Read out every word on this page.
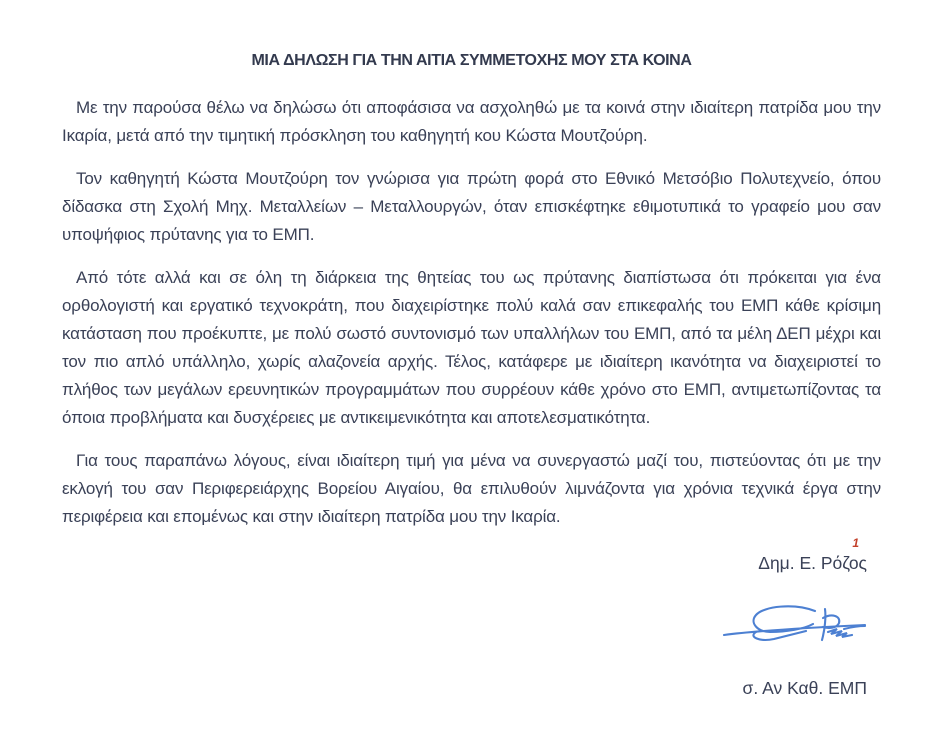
ΜΙΑ ΔΗΛΩΣΗ ΓΙΑ ΤΗΝ ΑΙΤΙΑ ΣΥΜΜΕΤΟΧΗΣ ΜΟΥ ΣΤΑ ΚΟΙΝΑ

Με την παρούσα θέλω να δηλώσω ότι αποφάσισα να ασχοληθώ με τα κοινά στην ιδιαίτερη πατρίδα μου την Ικαρία, μετά από την τιμητική πρόσκληση του καθηγητή κου Κώστα Μουτζούρη.

Τον καθηγητή Κώστα Μουτζούρη τον γνώρισα για πρώτη φορά στο Εθνικό Μετσόβιο Πολυτεχνείο, όπου δίδασκα στη Σχολή Μηχ. Μεταλλείων – Μεταλλουργών, όταν επισκέφτηκε εθιμοτυπικά το γραφείο μου σαν υποψήφιος πρύτανης για το ΕΜΠ.

Από τότε αλλά και σε όλη τη διάρκεια της θητείας του ως πρύτανης διαπίστωσα ότι πρόκειται για ένα ορθολογιστή και εργατικό τεχνοκράτη, που διαχειρίστηκε πολύ καλά σαν επικεφαλής του ΕΜΠ κάθε κρίσιμη κατάσταση που προέκυπτε, με πολύ σωστό συντονισμό των υπαλλήλων του ΕΜΠ, από τα μέλη ΔΕΠ μέχρι και τον πιο απλό υπάλληλο, χωρίς αλαζονεία αρχής. Τέλος, κατάφερε με ιδιαίτερη ικανότητα να διαχειριστεί το πλήθος των μεγάλων ερευνητικών προγραμμάτων που συρρέουν κάθε χρόνο στο ΕΜΠ, αντιμετωπίζοντας τα όποια προβλήματα και δυσχέρειες με αντικειμενικότητα και αποτελεσματικότητα.

Για τους παραπάνω λόγους, είναι ιδιαίτερη τιμή για μένα να συνεργαστώ μαζί του, πιστεύοντας ότι με την εκλογή του σαν Περιφερειάρχης Βορείου Αιγαίου, θα επιλυθούν λιμνάζοντα για χρόνια τεχνικά έργα στην περιφέρεια και επομένως και στην ιδιαίτερη πατρίδα μου την Ικαρία.

1
Δημ. Ε. Ρόζος
σ. Αν Καθ. ΕΜΠ
